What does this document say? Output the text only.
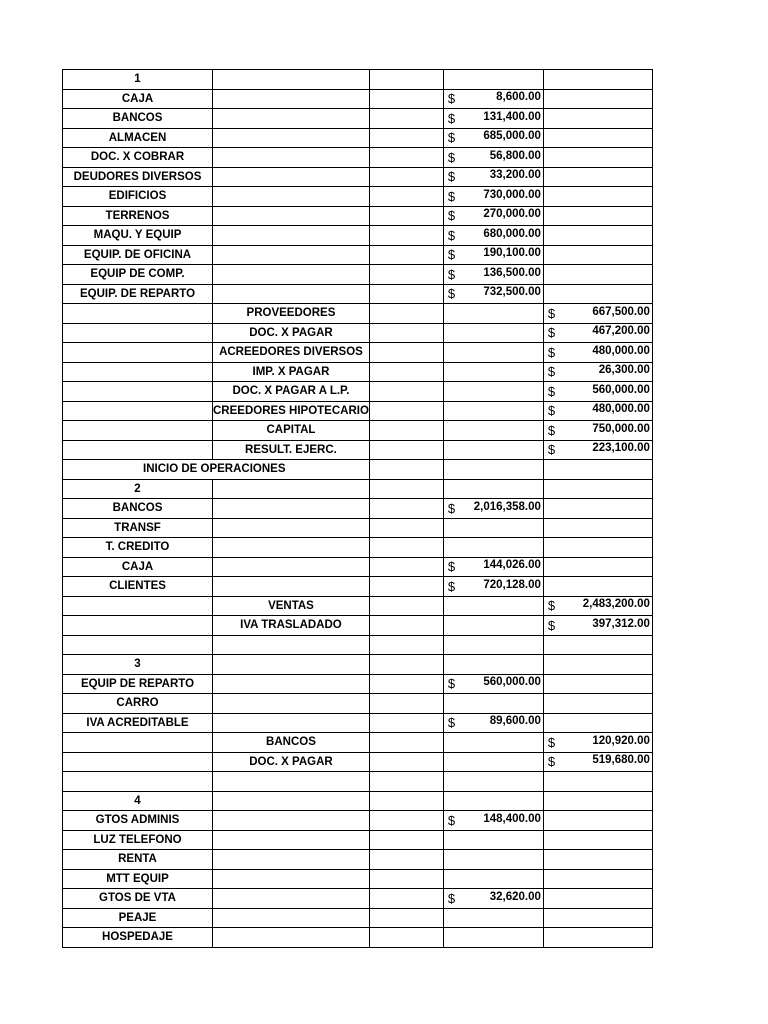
1				
CAJA			$ 8,600.00	

BANCOS			$ 131,400.00	

ALMACEN			$ 685,000.00	

DOC. X COBRAR			$ 56,800.00	

DEUDORES DIVERSOS			$ 33,200.00	

EDIFICIOS			$ 730,000.00	

TERRENOS			$ 270,000.00	

MAQU. Y EQUIP			$ 680,000.00	

EQUIP. DE OFICINA			$ 190,100.00	

EQUIP DE COMP.			$ 136,500.00	

EQUIP. DE REPARTO			$ 732,500.00	

	PROVEEDORES			$ 667,500.00

	DOC. X PAGAR			$ 467,200.00

	ACREEDORES DIVERSOS			$ 480,000.00

	IMP. X PAGAR			$ 26,300.00

	DOC. X PAGAR A L.P.			$ 560,000.00

	CREEDORES HIPOTECARIO			$ 480,000.00

	CAPITAL			$ 750,000.00

	RESULT. EJERC.			$ 223,100.00

INICIO DE OPERACIONES				
2				
BANCOS			$ 2,016,358.00	

TRANSF				
T. CREDITO				
CAJA			$ 144,026.00	

CLIENTES			$ 720,128.00	

	VENTAS			$ 2,483,200.00

	IVA TRASLADADO			$ 397,312.00

3				
EQUIP DE REPARTO			$ 560,000.00	

CARRO				
IVA ACREDITABLE			$ 89,600.00	

	BANCOS			$ 120,920.00

	DOC. X PAGAR			$ 519,680.00

4				
GTOS ADMINIS			$ 148,400.00	

LUZ TELEFONO				
RENTA				
MTT EQUIP				
GTOS DE VTA			$ 32,620.00	

PEAJE				
HOSPEDAJE				
